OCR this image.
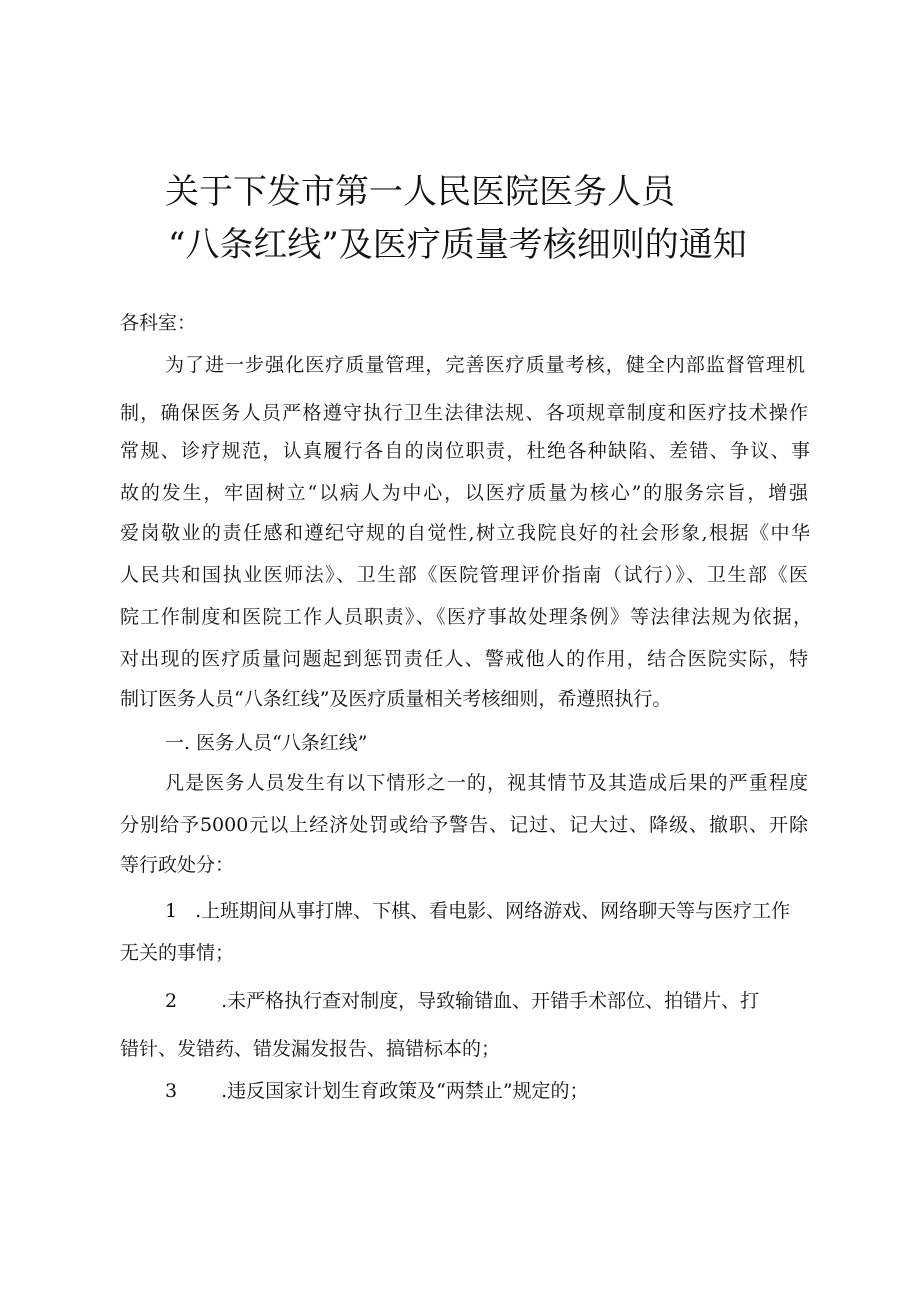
关于下发市第一人民医院医务人员
“八条红线”及医疗质量考核细则的通知

各科室：

为了进一步强化医疗质量管理，完善医疗质量考核，健全内部监督管理机

制，确保医务人员严格遵守执行卫生法律法规、各项规章制度和医疗技术操作

常规、诊疗规范，认真履行各自的岗位职责，杜绝各种缺陷、差错、争议、事

故的发生，牢固树立“以病人为中心，以医疗质量为核心”的服务宗旨，增强

爱岗敬业的责任感和遵纪守规的自觉性,树立我院良好的社会形象,根据《中华

人民共和国执业医师法》、卫生部《医院管理评价指南（试行）》、卫生部《医

院工作制度和医院工作人员职责》、《医疗事故处理条例》等法律法规为依据，

对出现的医疗质量问题起到惩罚责任人、警戒他人的作用，结合医院实际，特

制订医务人员“八条红线”及医疗质量相关考核细则，希遵照执行。

一. 医务人员“八条红线”

凡是医务人员发生有以下情形之一的，视其情节及其造成后果的严重程度

分别给予5000元以上经济处罚或给予警告、记过、记大过、降级、撤职、开除

等行政处分：

1 .上班期间从事打牌、下棋、看电影、网络游戏、网络聊天等与医疗工作

无关的事情；

2 .未严格执行查对制度，导致输错血、开错手术部位、拍错片、打

错针、发错药、错发漏发报告、搞错标本的；

3 .违反国家计划生育政策及“两禁止”规定的；
